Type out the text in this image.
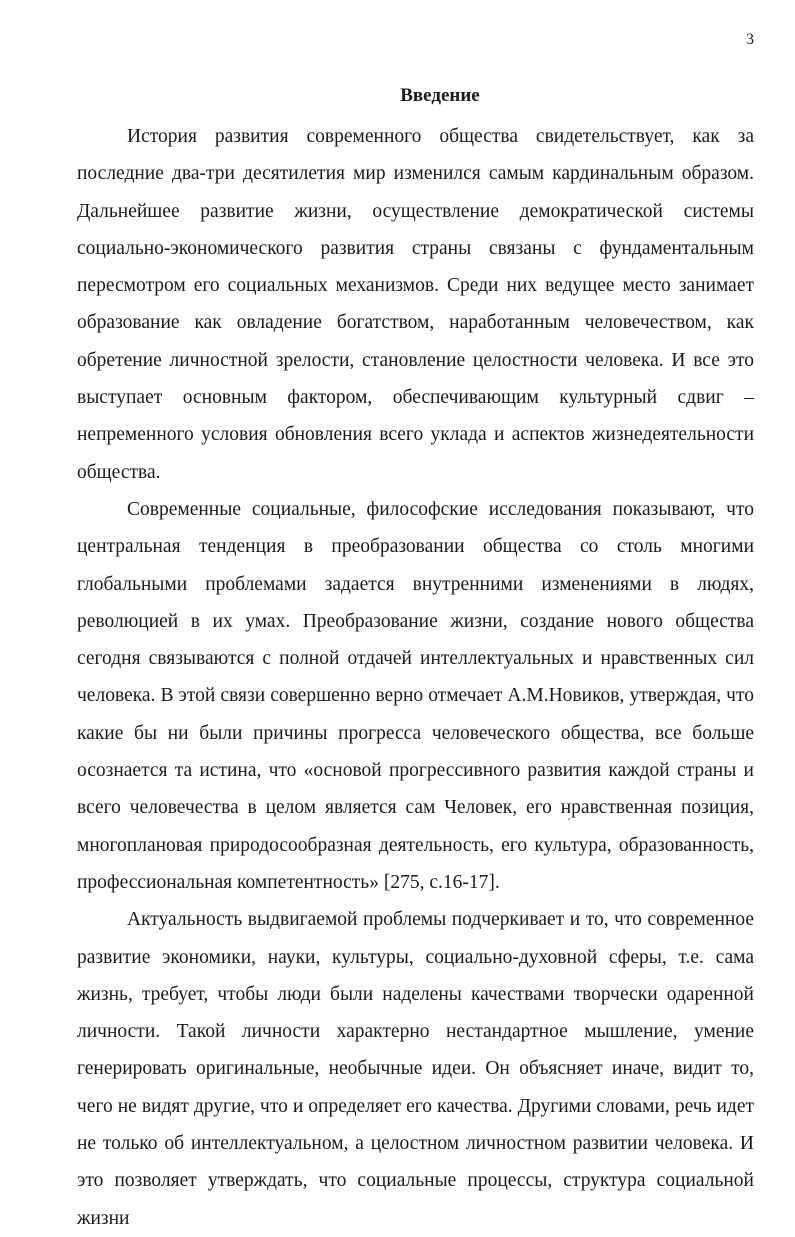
3
Введение

История развития современного общества свидетельствует, как за последние два-три десятилетия мир изменился самым кардинальным образом. Дальнейшее развитие жизни, осуществление демократической системы социально-экономического развития страны связаны с фундаментальным пересмотром его социальных механизмов. Среди них ведущее место занимает образование как овладение богатством, наработанным человечеством, как обретение личностной зрелости, становление целостности человека. И все это выступает основным фактором, обеспечивающим культурный сдвиг – непременного условия обновления всего уклада и аспектов жизнедеятельности общества.

Современные социальные, философские исследования показывают, что центральная тенденция в преобразовании общества со столь многими глобальными проблемами задается внутренними изменениями в людях, революцией в их умах. Преобразование жизни, создание нового общества сегодня связываются с полной отдачей интеллектуальных и нравственных сил человека. В этой связи совершенно верно отмечает А.М.Новиков, утверждая, что какие бы ни были причины прогресса человеческого общества, все больше осознается та истина, что «основой прогрессивного развития каждой страны и всего человечества в целом является сам Человек, его нравственная позиция, многоплановая природосообразная деятельность, его культура, образованность, профессиональная компетентность» [275, с.16-17].

Актуальность выдвигаемой проблемы подчеркивает и то, что современное развитие экономики, науки, культуры, социально-духовной сферы, т.е. сама жизнь, требует, чтобы люди были наделены качествами творчески одаренной личности. Такой личности характерно нестандартное мышление, умение генерировать оригинальные, необычные идеи. Он объясняет иначе, видит то, чего не видят другие, что и определяет его качества. Другими словами, речь идет не только об интеллектуальном, а целостном личностном развитии человека. И это позволяет утверждать, что социальные процессы, структура социальной жизни
